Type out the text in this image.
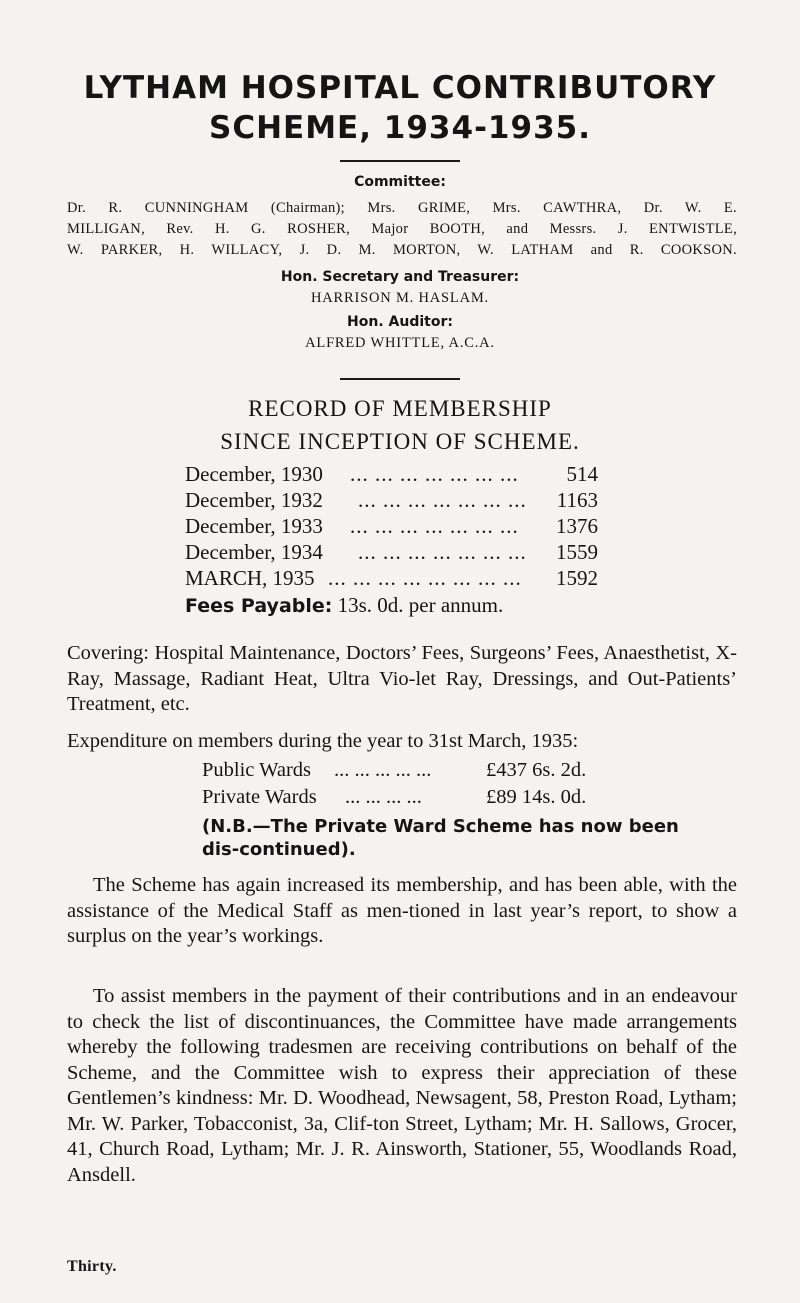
LYTHAM HOSPITAL CONTRIBUTORY
SCHEME, 1934-1935.
Committee:
Dr. R. CUNNINGHAM (Chairman); Mrs. GRIME, Mrs. CAWTHRA, Dr. W. E.
MILLIGAN, Rev. H. G. ROSHER, Major BOOTH, and Messrs. J. ENTWISTLE,
W. PARKER, H. WILLACY, J. D. M. MORTON, W. LATHAM and R. COOKSON.
Hon. Secretary and Treasurer:
HARRISON M. HASLAM.
Hon. Auditor:
ALFRED WHITTLE, A.C.A.
RECORD OF MEMBERSHIP
SINCE INCEPTION OF SCHEME.
December, 1930 ... ... ... ... ... ... ... 514
December, 1932 ... ... ... ... ... ... ... 1163
December, 1933 ... ... ... ... ... ... ... 1376
December, 1934 ... ... ... ... ... ... ... 1559
MARCH, 1935 ... ... ... ... ... ... ... ... 1592
Fees Payable: 13s. 0d. per annum.

Covering: Hospital Maintenance, Doctors’ Fees, Surgeons’ Fees, Anaesthetist, X-Ray, Massage, Radiant Heat, Ultra Vio-let Ray, Dressings, and Out-Patients’ Treatment, etc.

Expenditure on members during the year to 31st March, 1935:

Public Wards ... ... ... ... ...	£437 6s. 2d.
Private Wards ... ... ... ...	£89 14s. 0d.
(N.B.—The Private Ward Scheme has now been dis-continued).

The Scheme has again increased its membership, and has been able, with the assistance of the Medical Staff as men-tioned in last year’s report, to show a surplus on the year’s workings.

To assist members in the payment of their contributions and in an endeavour to check the list of discontinuances, the Committee have made arrangements whereby the following tradesmen are receiving contributions on behalf of the Scheme, and the Committee wish to express their appreciation of these Gentlemen’s kindness: Mr. D. Woodhead, Newsagent, 58, Preston Road, Lytham; Mr. W. Parker, Tobacconist, 3a, Clif-ton Street, Lytham; Mr. H. Sallows, Grocer, 41, Church Road, Lytham; Mr. J. R. Ainsworth, Stationer, 55, Woodlands Road, Ansdell.

Thirty.
